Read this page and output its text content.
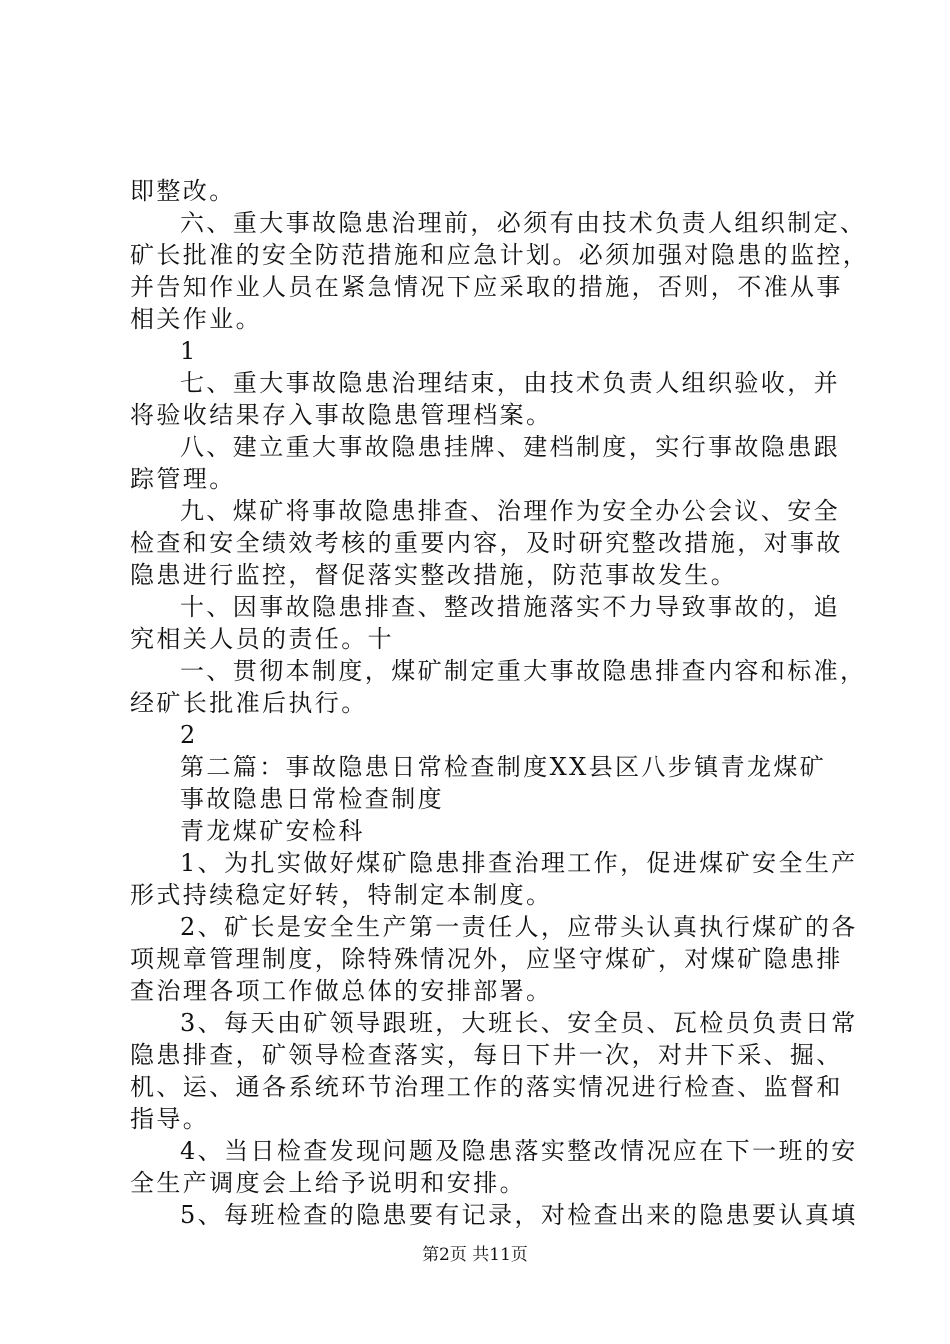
即整改。
六、重大事故隐患治理前，必须有由技术负责人组织制定、
矿长批准的安全防范措施和应急计划。必须加强对隐患的监控，
并告知作业人员在紧急情况下应采取的措施，否则，不准从事
相关作业。
1
七、重大事故隐患治理结束，由技术负责人组织验收，并
将验收结果存入事故隐患管理档案。
八、建立重大事故隐患挂牌、建档制度，实行事故隐患跟
踪管理。
九、煤矿将事故隐患排查、治理作为安全办公会议、安全
检查和安全绩效考核的重要内容，及时研究整改措施，对事故
隐患进行监控，督促落实整改措施，防范事故发生。
十、因事故隐患排查、整改措施落实不力导致事故的，追
究相关人员的责任。十
一、贯彻本制度，煤矿制定重大事故隐患排查内容和标准，
经矿长批准后执行。
2
第二篇：事故隐患日常检查制度XX县区八步镇青龙煤矿
事故隐患日常检查制度
青龙煤矿安检科
1、为扎实做好煤矿隐患排查治理工作，促进煤矿安全生产
形式持续稳定好转，特制定本制度。
2、矿长是安全生产第一责任人，应带头认真执行煤矿的各
项规章管理制度，除特殊情况外，应坚守煤矿，对煤矿隐患排
查治理各项工作做总体的安排部署。
3、每天由矿领导跟班，大班长、安全员、瓦检员负责日常
隐患排查，矿领导检查落实，每日下井一次，对井下采、掘、
机、运、通各系统环节治理工作的落实情况进行检查、监督和
指导。
4、当日检查发现问题及隐患落实整改情况应在下一班的安
全生产调度会上给予说明和安排。
5、每班检查的隐患要有记录，对检查出来的隐患要认真填
第2页 共11页
